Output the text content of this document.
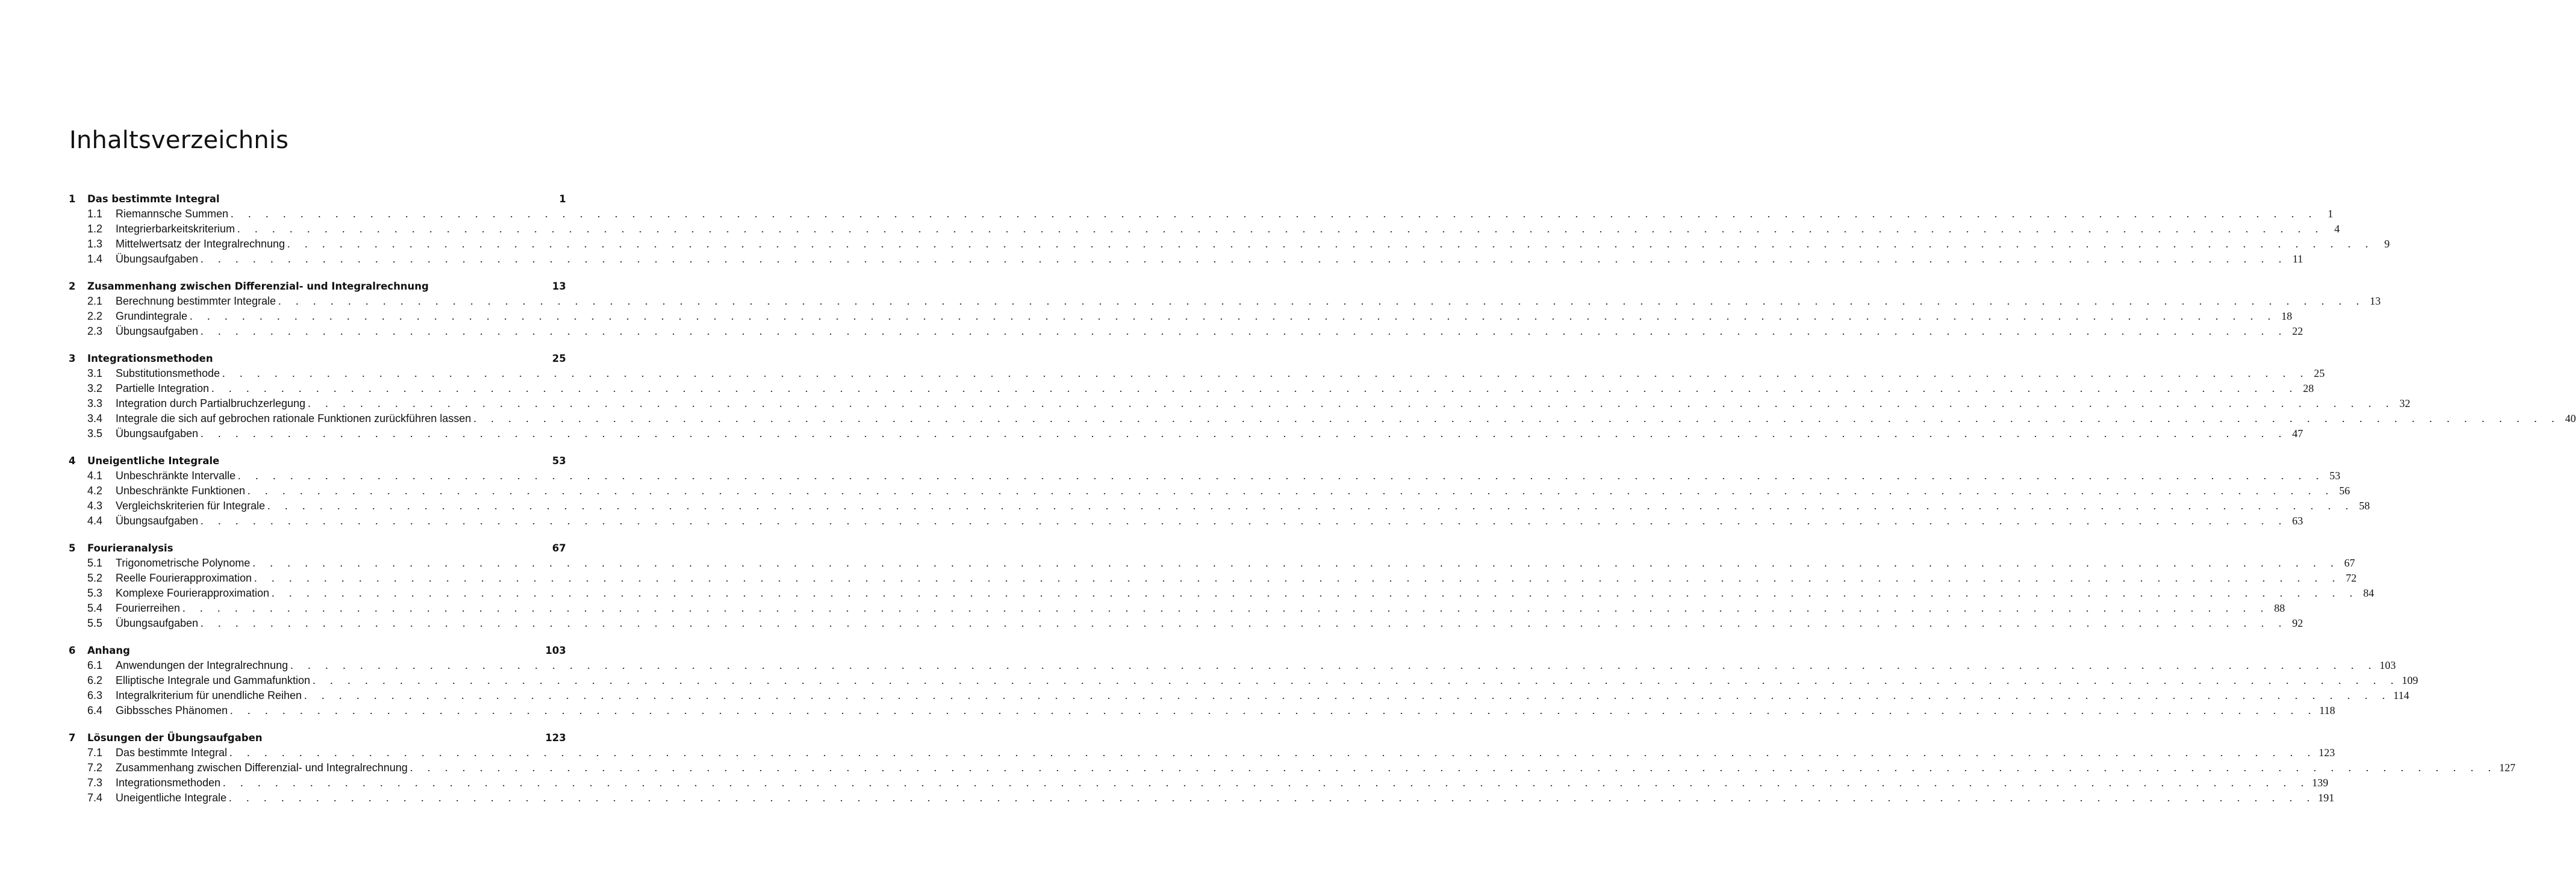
Inhaltsverzeichnis
1	Das bestimmte Integral	1
1.1	Riemannsche Summen . . . . . . . . . . . . . . . . . . . . . . . . . . . . . . . . . . . . . . . . . . . . . . . . . . . . . . . . . . . . . . . . . . . . . . . . . . . . . . . . . . . . . . . . . . . . . . . . . . . . . . . . . . . . . . . . . . . . . . . . 1
1.2	Integrierbarkeitskriterium . . . . . . . . . . . . . . . . . . . . . . . . . . . . . . . . . . . . . . . . . . . . . . . . . . . . . . . . . . . . . . . . . . . . . . . . . . . . . . . . . . . . . . . . . . . . . . . . . . . . . . . . . . . . . . . . . . . . . . . . 4
1.3	Mittelwertsatz der Integralrechnung . . . . . . . . . . . . . . . . . . . . . . . . . . . . . . . . . . . . . . . . . . . . . . . . . . . . . . . . . . . . . . . . . . . . . . . . . . . . . . . . . . . . . . . . . . . . . . . . . . . . . . . . . . . . . . . . . . . . . . . . 9
1.4	Übungsaufgaben . . . . . . . . . . . . . . . . . . . . . . . . . . . . . . . . . . . . . . . . . . . . . . . . . . . . . . . . . . . . . . . . . . . . . . . . . . . . . . . . . . . . . . . . . . . . . . . . . . . . . . . . . . . . . . . . . . . . . . . . 11
2	Zusammenhang zwischen Differenzial- und Integralrechnung	13
2.1	Berechnung bestimmter Integrale . . . . . . . . . . . . . . . . . . . . . . . . . . . . . . . . . . . . . . . . . . . . . . . . . . . . . . . . . . . . . . . . . . . . . . . . . . . . . . . . . . . . . . . . . . . . . . . . . . . . . . . . . . . . . . . . . . . . . . . . 13
2.2	Grundintegrale . . . . . . . . . . . . . . . . . . . . . . . . . . . . . . . . . . . . . . . . . . . . . . . . . . . . . . . . . . . . . . . . . . . . . . . . . . . . . . . . . . . . . . . . . . . . . . . . . . . . . . . . . . . . . . . . . . . . . . . . 18
2.3	Übungsaufgaben . . . . . . . . . . . . . . . . . . . . . . . . . . . . . . . . . . . . . . . . . . . . . . . . . . . . . . . . . . . . . . . . . . . . . . . . . . . . . . . . . . . . . . . . . . . . . . . . . . . . . . . . . . . . . . . . . . . . . . . . 22
3	Integrationsmethoden	25
3.1	Substitutionsmethode . . . . . . . . . . . . . . . . . . . . . . . . . . . . . . . . . . . . . . . . . . . . . . . . . . . . . . . . . . . . . . . . . . . . . . . . . . . . . . . . . . . . . . . . . . . . . . . . . . . . . . . . . . . . . . . . . . . . . . . . 25
3.2	Partielle Integration . . . . . . . . . . . . . . . . . . . . . . . . . . . . . . . . . . . . . . . . . . . . . . . . . . . . . . . . . . . . . . . . . . . . . . . . . . . . . . . . . . . . . . . . . . . . . . . . . . . . . . . . . . . . . . . . . . . . . . . . 28
3.3	Integration durch Partialbruchzerlegung . . . . . . . . . . . . . . . . . . . . . . . . . . . . . . . . . . . . . . . . . . . . . . . . . . . . . . . . . . . . . . . . . . . . . . . . . . . . . . . . . . . . . . . . . . . . . . . . . . . . . . . . . . . . . . . . . . . . . . . . 32
3.4	Integrale die sich auf gebrochen rationale Funktionen zurückführen lassen . . . . . . . . . . . . . . . . . . . . . . . . . . . . . . . . . . . . . . . . . . . . . . . . . . . . . . . . . . . . . . . . . . . . . . . . . . . . . . . . . . . . . . . . . . . . . . . . . . . . . . . . . . . . . . . . . . . . . . . . 40
3.5	Übungsaufgaben . . . . . . . . . . . . . . . . . . . . . . . . . . . . . . . . . . . . . . . . . . . . . . . . . . . . . . . . . . . . . . . . . . . . . . . . . . . . . . . . . . . . . . . . . . . . . . . . . . . . . . . . . . . . . . . . . . . . . . . . 47
4	Uneigentliche Integrale	53
4.1	Unbeschränkte Intervalle . . . . . . . . . . . . . . . . . . . . . . . . . . . . . . . . . . . . . . . . . . . . . . . . . . . . . . . . . . . . . . . . . . . . . . . . . . . . . . . . . . . . . . . . . . . . . . . . . . . . . . . . . . . . . . . . . . . . . . . . 53
4.2	Unbeschränkte Funktionen . . . . . . . . . . . . . . . . . . . . . . . . . . . . . . . . . . . . . . . . . . . . . . . . . . . . . . . . . . . . . . . . . . . . . . . . . . . . . . . . . . . . . . . . . . . . . . . . . . . . . . . . . . . . . . . . . . . . . . . . 56
4.3	Vergleichskriterien für Integrale . . . . . . . . . . . . . . . . . . . . . . . . . . . . . . . . . . . . . . . . . . . . . . . . . . . . . . . . . . . . . . . . . . . . . . . . . . . . . . . . . . . . . . . . . . . . . . . . . . . . . . . . . . . . . . . . . . . . . . . . 58
4.4	Übungsaufgaben . . . . . . . . . . . . . . . . . . . . . . . . . . . . . . . . . . . . . . . . . . . . . . . . . . . . . . . . . . . . . . . . . . . . . . . . . . . . . . . . . . . . . . . . . . . . . . . . . . . . . . . . . . . . . . . . . . . . . . . . 63
5	Fourieranalysis	67
5.1	Trigonometrische Polynome . . . . . . . . . . . . . . . . . . . . . . . . . . . . . . . . . . . . . . . . . . . . . . . . . . . . . . . . . . . . . . . . . . . . . . . . . . . . . . . . . . . . . . . . . . . . . . . . . . . . . . . . . . . . . . . . . . . . . . . . 67
5.2	Reelle Fourierapproximation . . . . . . . . . . . . . . . . . . . . . . . . . . . . . . . . . . . . . . . . . . . . . . . . . . . . . . . . . . . . . . . . . . . . . . . . . . . . . . . . . . . . . . . . . . . . . . . . . . . . . . . . . . . . . . . . . . . . . . . . 72
5.3	Komplexe Fourierapproximation . . . . . . . . . . . . . . . . . . . . . . . . . . . . . . . . . . . . . . . . . . . . . . . . . . . . . . . . . . . . . . . . . . . . . . . . . . . . . . . . . . . . . . . . . . . . . . . . . . . . . . . . . . . . . . . . . . . . . . . . 84
5.4	Fourierreihen . . . . . . . . . . . . . . . . . . . . . . . . . . . . . . . . . . . . . . . . . . . . . . . . . . . . . . . . . . . . . . . . . . . . . . . . . . . . . . . . . . . . . . . . . . . . . . . . . . . . . . . . . . . . . . . . . . . . . . . . 88
5.5	Übungsaufgaben . . . . . . . . . . . . . . . . . . . . . . . . . . . . . . . . . . . . . . . . . . . . . . . . . . . . . . . . . . . . . . . . . . . . . . . . . . . . . . . . . . . . . . . . . . . . . . . . . . . . . . . . . . . . . . . . . . . . . . . . 92
6	Anhang	103
6.1	Anwendungen der Integralrechnung . . . . . . . . . . . . . . . . . . . . . . . . . . . . . . . . . . . . . . . . . . . . . . . . . . . . . . . . . . . . . . . . . . . . . . . . . . . . . . . . . . . . . . . . . . . . . . . . . . . . . . . . . . . . . . . . . . . . . . . . 103
6.2	Elliptische Integrale und Gammafunktion . . . . . . . . . . . . . . . . . . . . . . . . . . . . . . . . . . . . . . . . . . . . . . . . . . . . . . . . . . . . . . . . . . . . . . . . . . . . . . . . . . . . . . . . . . . . . . . . . . . . . . . . . . . . . . . . . . . . . . . . 109
6.3	Integralkriterium für unendliche Reihen . . . . . . . . . . . . . . . . . . . . . . . . . . . . . . . . . . . . . . . . . . . . . . . . . . . . . . . . . . . . . . . . . . . . . . . . . . . . . . . . . . . . . . . . . . . . . . . . . . . . . . . . . . . . . . . . . . . . . . . . 114
6.4	Gibbssches Phänomen . . . . . . . . . . . . . . . . . . . . . . . . . . . . . . . . . . . . . . . . . . . . . . . . . . . . . . . . . . . . . . . . . . . . . . . . . . . . . . . . . . . . . . . . . . . . . . . . . . . . . . . . . . . . . . . . . . . . . . . . 118
7	Lösungen der Übungsaufgaben	123
7.1	Das bestimmte Integral . . . . . . . . . . . . . . . . . . . . . . . . . . . . . . . . . . . . . . . . . . . . . . . . . . . . . . . . . . . . . . . . . . . . . . . . . . . . . . . . . . . . . . . . . . . . . . . . . . . . . . . . . . . . . . . . . . . . . . . . 123
7.2	Zusammenhang zwischen Differenzial- und Integralrechnung . . . . . . . . . . . . . . . . . . . . . . . . . . . . . . . . . . . . . . . . . . . . . . . . . . . . . . . . . . . . . . . . . . . . . . . . . . . . . . . . . . . . . . . . . . . . . . . . . . . . . . . . . . . . . . . . . . . . . . . . 127
7.3	Integrationsmethoden . . . . . . . . . . . . . . . . . . . . . . . . . . . . . . . . . . . . . . . . . . . . . . . . . . . . . . . . . . . . . . . . . . . . . . . . . . . . . . . . . . . . . . . . . . . . . . . . . . . . . . . . . . . . . . . . . . . . . . . . 139
7.4	Uneigentliche Integrale . . . . . . . . . . . . . . . . . . . . . . . . . . . . . . . . . . . . . . . . . . . . . . . . . . . . . . . . . . . . . . . . . . . . . . . . . . . . . . . . . . . . . . . . . . . . . . . . . . . . . . . . . . . . . . . . . . . . . . . . 191
